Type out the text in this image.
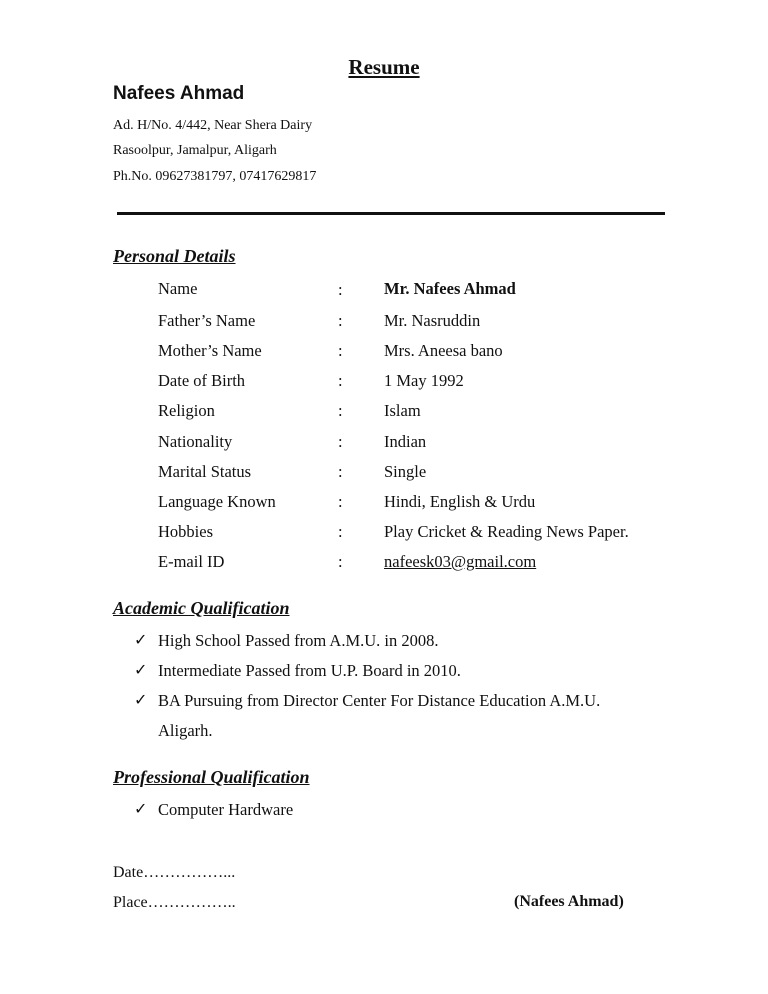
Resume
Nafees Ahmad
Ad. H/No. 4/442, Near Shera Dairy
Rasoolpur, Jamalpur, Aligarh
Ph.No. 09627381797, 07417629817
Personal Details
Name	:	Mr. Nafees Ahmad
Father’s Name	:	Mr. Nasruddin
Mother’s Name	:	Mrs. Aneesa bano
Date of Birth	:	1 May 1992
Religion	:	Islam
Nationality	:	Indian
Marital Status	:	Single
Language Known	:	Hindi, English & Urdu
Hobbies	:	Play Cricket & Reading News Paper.
E-mail ID	:	nafeesk03@gmail.com
Academic Qualification
✓ High School Passed from A.M.U. in 2008.
✓ Intermediate Passed from U.P. Board in 2010.
✓ BA Pursuing from Director Center For Distance Education A.M.U.
Aligarh.
Professional Qualification
✓ Computer Hardware
Date……………...
Place……………..	(Nafees Ahmad)
